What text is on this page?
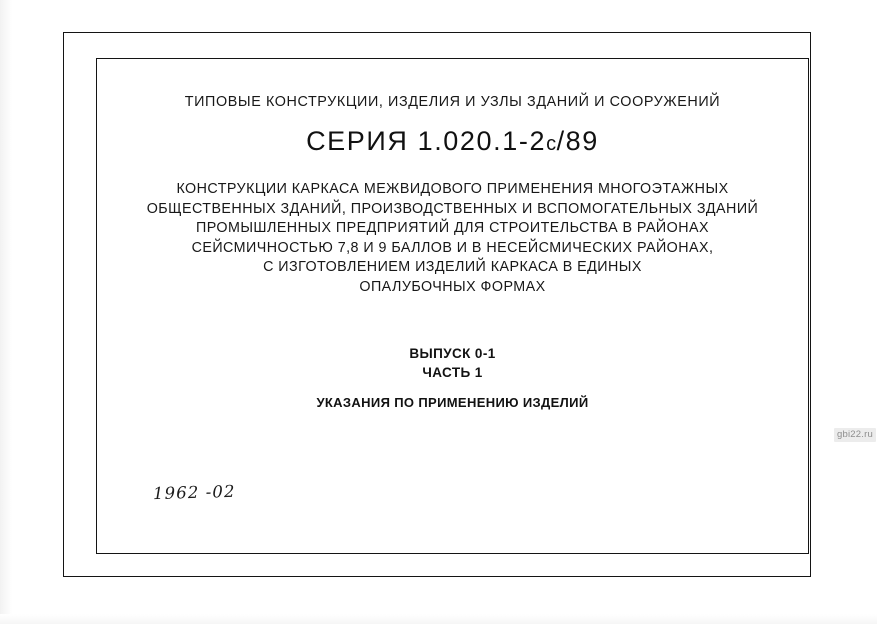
ТИПОВЫЕ КОНСТРУКЦИИ, ИЗДЕЛИЯ И УЗЛЫ ЗДАНИЙ И СООРУЖЕНИЙ
СЕРИЯ 1.020.1-2с/89
КОНСТРУКЦИИ КАРКАСА МЕЖВИДОВОГО ПРИМЕНЕНИЯ МНОГОЭТАЖНЫХ
ОБЩЕСТВЕННЫХ ЗДАНИЙ, ПРОИЗВОДСТВЕННЫХ И ВСПОМОГАТЕЛЬНЫХ ЗДАНИЙ
ПРОМЫШЛЕННЫХ ПРЕДПРИЯТИЙ ДЛЯ СТРОИТЕЛЬСТВА В РАЙОНАХ
СЕЙСМИЧНОСТЬЮ 7,8 И 9 БАЛЛОВ И В НЕСЕЙСМИЧЕСКИХ РАЙОНАХ,
С ИЗГОТОВЛЕНИЕМ ИЗДЕЛИЙ КАРКАСА В ЕДИНЫХ
ОПАЛУБОЧНЫХ ФОРМАХ
ВЫПУСК 0-1
ЧАСТЬ 1
УКАЗАНИЯ ПО ПРИМЕНЕНИЮ ИЗДЕЛИЙ
1962 -02
gbi22.ru
